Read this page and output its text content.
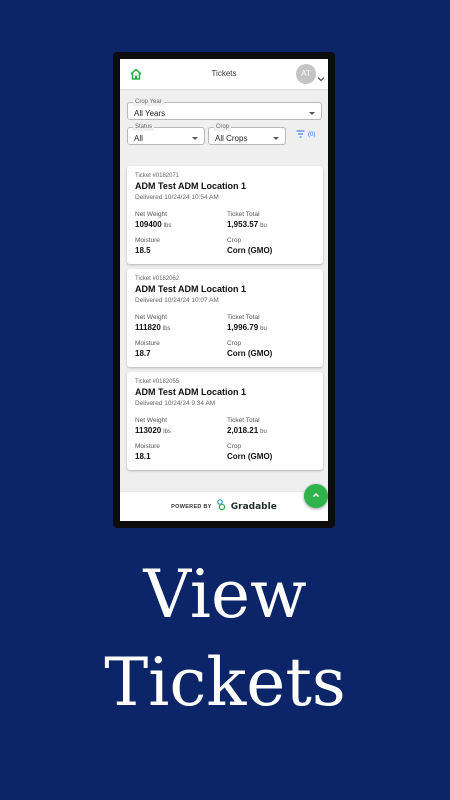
Tickets	AT
Crop Year
All Years
Status
All
Crop
All Crops	(0)
Ticket #0182071
ADM Test ADM Location 1
Delivered 10/24/24 10:54 AM
Net Weight
109400 lbs
Ticket Total
1,953.57 bu
Moisture
18.5
Crop
Corn (GMO)
Ticket #0182062
ADM Test ADM Location 1
Delivered 10/24/24 10:07 AM
Net Weight
111820 lbs
Ticket Total
1,996.79 bu
Moisture
18.7
Crop
Corn (GMO)
Ticket #0182055
ADM Test ADM Location 1
Delivered 10/24/24 9:34 AM
Net Weight
113020 lbs
Ticket Total
2,018.21 bu
Moisture
18.1
Crop
Corn (GMO)
POWERED BY Gradable
View
Tickets
